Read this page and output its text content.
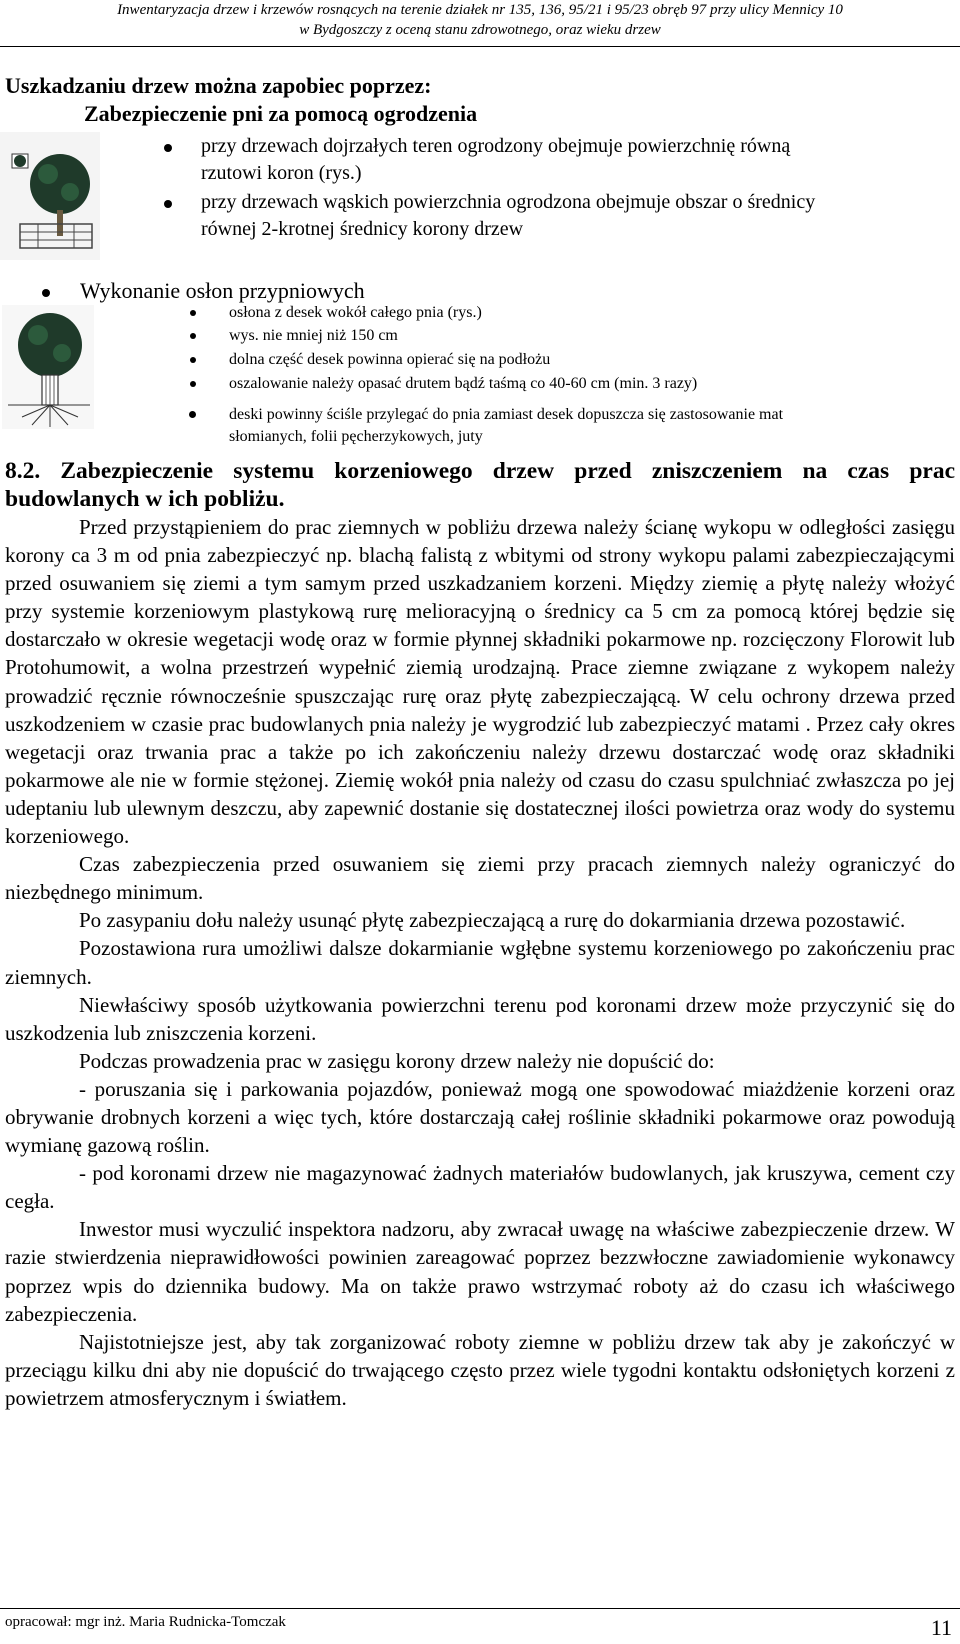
Inwentaryzacja drzew i krzewów rosnących na terenie działek nr 135, 136, 95/21 i 95/23 obręb 97 przy ulicy Mennicy 10
w Bydgoszczy z oceną stanu zdrowotnego, oraz wieku drzew
Uszkadzaniu drzew można zapobiec poprzez:
Zabezpieczenie pni za pomocą ogrodzenia
przy drzewach dojrzałych teren ogrodzony obejmuje powierzchnię równą
rzutowi koron (rys.)
przy drzewach wąskich powierzchnia ogrodzona obejmuje obszar o średnicy
równej 2-krotnej średnicy korony drzew
Wykonanie osłon przypniowych
osłona z desek wokół całego pnia (rys.)
wys. nie mniej niż 150 cm
dolna część desek powinna opierać się na podłożu
oszalowanie należy opasać drutem bądź taśmą co 40-60 cm (min. 3 razy)
deski powinny ściśle przylegać do pnia zamiast desek dopuszcza się zastosowanie mat
słomianych, folii pęcherzykowych, juty
8.2. Zabezpieczenie systemu korzeniowego drzew przed zniszczeniem na czas prac
budowlanych w ich pobliżu.

Przed przystąpieniem do prac ziemnych w pobliżu drzewa należy ścianę wykopu w odległości zasięgu korony ca 3 m od pnia zabezpieczyć np. blachą falistą z wbitymi od strony wykopu palami zabezpieczającymi przed osuwaniem się ziemi a tym samym przed uszkadzaniem korzeni. Między ziemię a płytę należy włożyć przy systemie korzeniowym plastykową rurę melioracyjną o średnicy ca 5 cm za pomocą której będzie się dostarczało w okresie wegetacji wodę oraz w formie płynnej składniki pokarmowe np. rozcięczony Florowit lub Protohumowit, a wolna przestrzeń wypełnić ziemią urodzajną. Prace ziemne związane z wykopem należy prowadzić ręcznie równocześnie spuszczając rurę oraz płytę zabezpieczającą. W celu ochrony drzewa przed uszkodzeniem w czasie prac budowlanych pnia należy je wygrodzić lub zabezpieczyć matami . Przez cały okres wegetacji oraz trwania prac a także po ich zakończeniu należy drzewu dostarczać wodę oraz składniki pokarmowe ale nie w formie stężonej. Ziemię wokół pnia należy od czasu do czasu spulchniać zwłaszcza po jej udeptaniu lub ulewnym deszczu, aby zapewnić dostanie się dostatecznej ilości powietrza oraz wody do systemu korzeniowego.

Czas zabezpieczenia przed osuwaniem się ziemi przy pracach ziemnych należy ograniczyć do niezbędnego minimum.

Po zasypaniu dołu należy usunąć płytę zabezpieczającą a rurę do dokarmiania drzewa pozostawić.

Pozostawiona rura umożliwi dalsze dokarmianie wgłębne systemu korzeniowego po zakończeniu prac ziemnych.

Niewłaściwy sposób użytkowania powierzchni terenu pod koronami drzew może przyczynić się do uszkodzenia lub zniszczenia korzeni.

Podczas prowadzenia prac w zasięgu korony drzew należy nie dopuścić do:

- poruszania się i parkowania pojazdów, ponieważ mogą one spowodować miażdżenie korzeni oraz obrywanie drobnych korzeni a więc tych, które dostarczają całej roślinie składniki pokarmowe oraz powodują wymianę gazową roślin.

- pod koronami drzew nie magazynować żadnych materiałów budowlanych, jak kruszywa, cement czy cegła.

Inwestor musi wyczulić inspektora nadzoru, aby zwracał uwagę na właściwe zabezpieczenie drzew. W razie stwierdzenia nieprawidłowości powinien zareagować poprzez bezzwłoczne zawiadomienie wykonawcy poprzez wpis do dziennika budowy. Ma on także prawo wstrzymać roboty aż do czasu ich właściwego zabezpieczenia.

Najistotniejsze jest, aby tak zorganizować roboty ziemne w pobliżu drzew tak aby je zakończyć w przeciągu kilku dni aby nie dopuścić do trwającego często przez wiele tygodni kontaktu odsłoniętych korzeni z powietrzem atmosferycznym i światłem.

opracował: mgr inż. Maria Rudnicka-Tomczak	11
